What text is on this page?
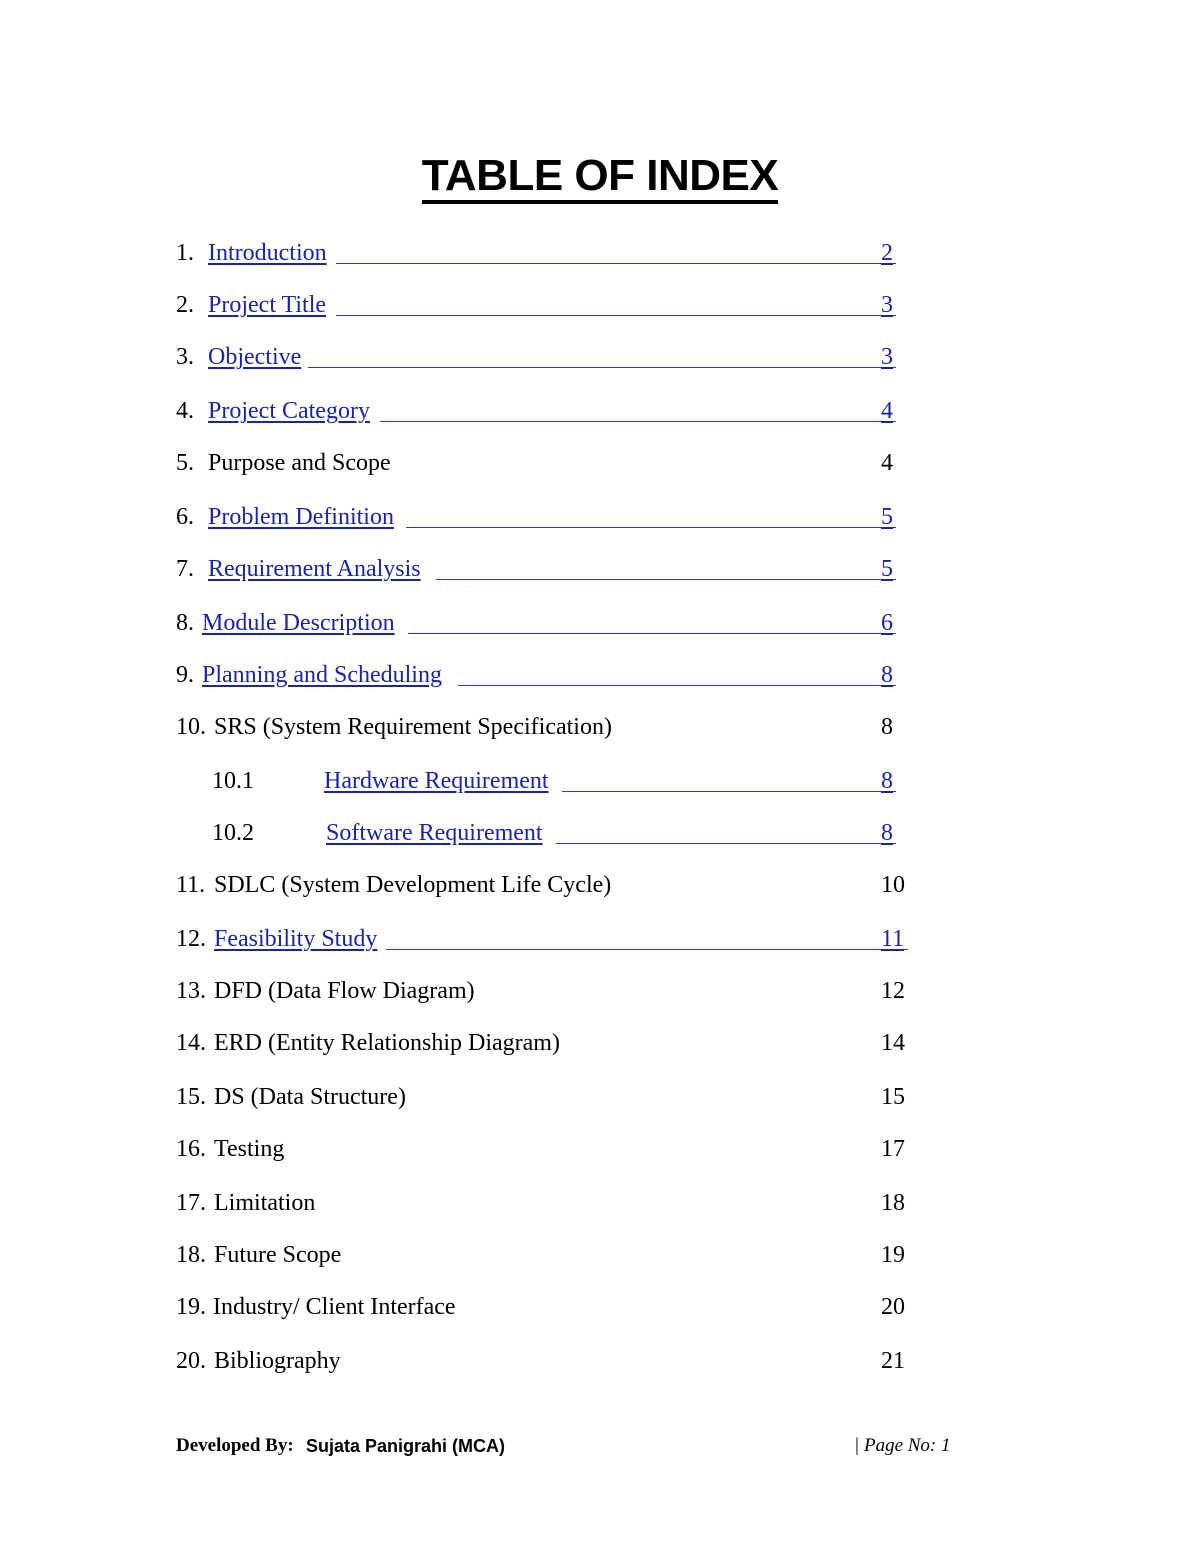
TABLE OF INDEX
1. Introduction	2
2. Project Title	3
3. Objective	3
4. Project Category	4
5. Purpose and Scope	4
6. Problem Definition	5
7. Requirement Analysis	5
8. Module Description	6
9. Planning and Scheduling	8
10. SRS (System Requirement Specification)	8
10.1	Hardware Requirement	8
10.2	Software Requirement	8
11. SDLC (System Development Life Cycle)	10
12. Feasibility Study	11
13. DFD (Data Flow Diagram)	12
14. ERD (Entity Relationship Diagram)	14
15. DS (Data Structure)	15
16. Testing	17
17. Limitation	18
18. Future Scope	19
19. Industry/ Client Interface	20
20. Bibliography	21
Developed By: Sujata Panigrahi (MCA)	| Page No: 1
